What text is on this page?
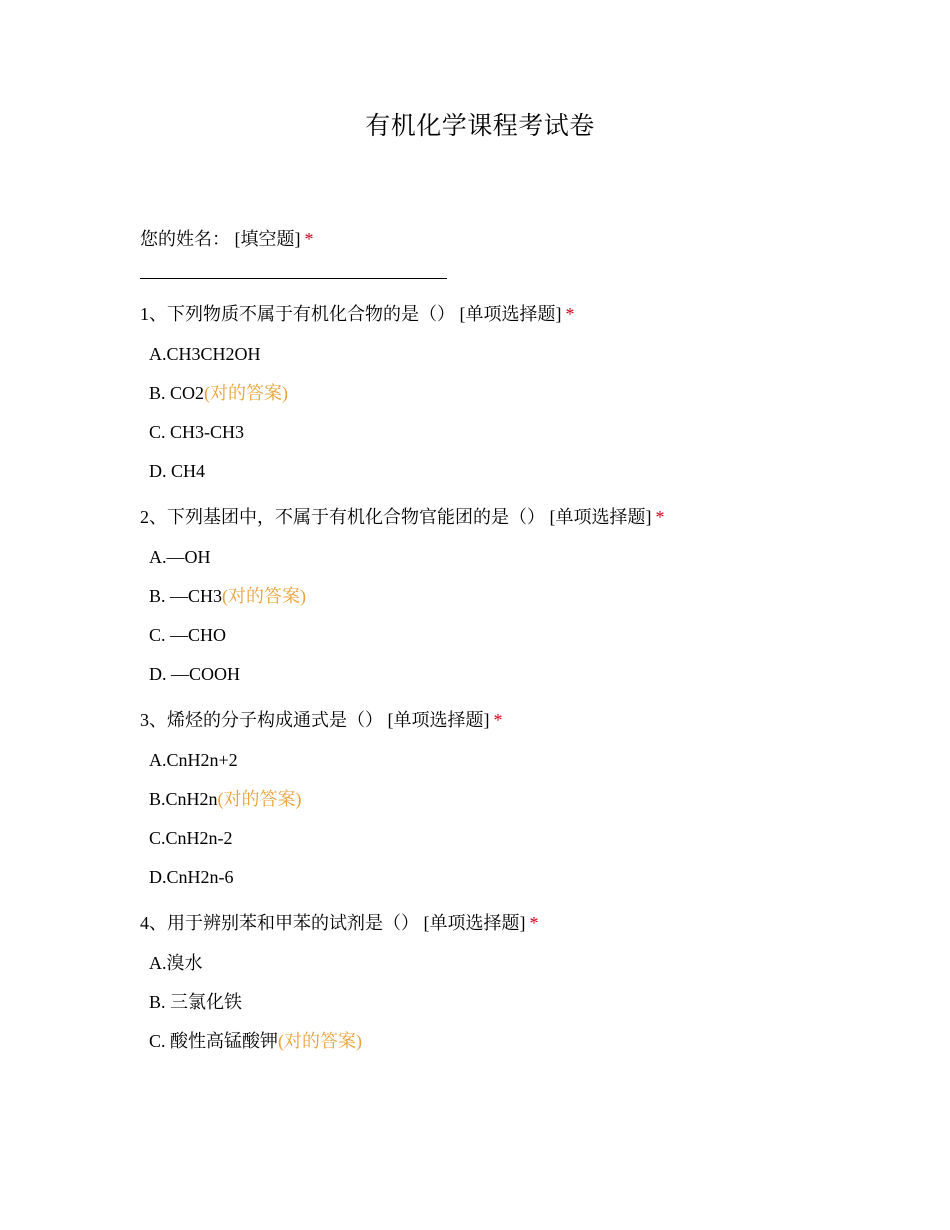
有机化学课程考试卷
您的姓名： [填空题] *
1、下列物质不属于有机化合物的是（） [单项选择题] *
A.CH3CH2OH
B. CO2(对的答案)
C. CH3-CH3
D. CH4
2、下列基团中，不属于有机化合物官能团的是（） [单项选择题] *
A.—OH
B. —CH3(对的答案)
C. —CHO
D. —COOH
3、烯烃的分子构成通式是（） [单项选择题] *
A.CnH2n+2
B.CnH2n(对的答案)
C.CnH2n-2
D.CnH2n-6
4、用于辨别苯和甲苯的试剂是（） [单项选择题] *
A.溴水
B. 三氯化铁
C. 酸性高锰酸钾(对的答案)
